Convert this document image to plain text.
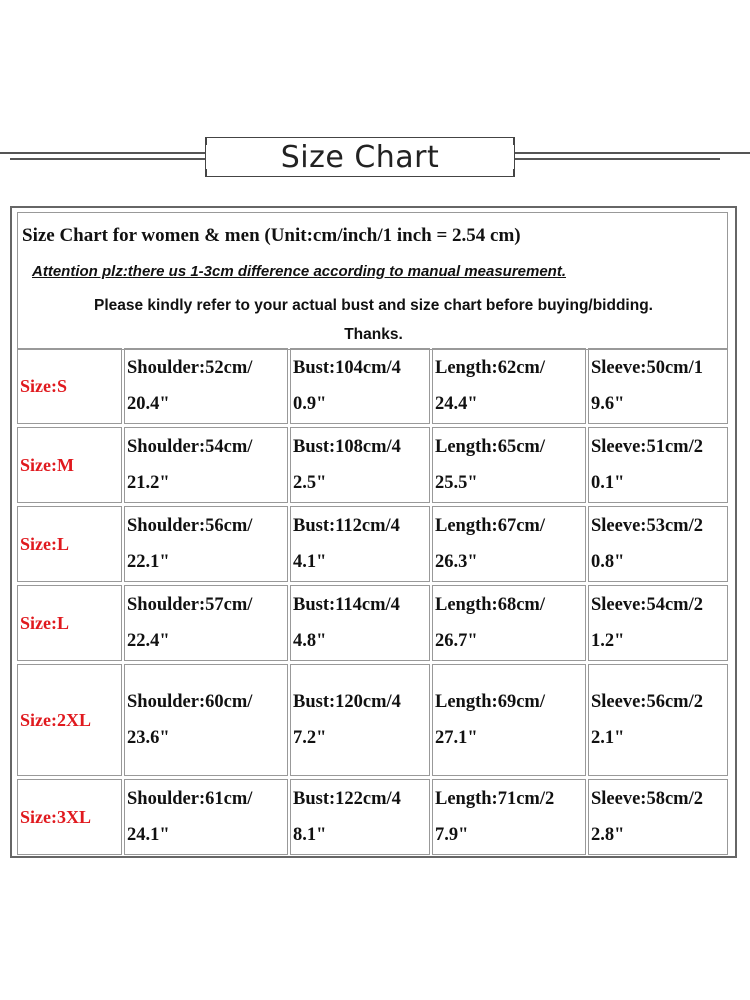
Size Chart
Size Chart for women & men (Unit:cm/inch/1 inch = 2.54 cm)
Attention plz:there us 1-3cm difference according to manual measurement.
Please kindly refer to your actual bust and size chart before buying/bidding.
Thanks.
Size:S
Shoulder:52cm/
20.4"
Bust:104cm/4
0.9"
Length:62cm/
24.4"
Sleeve:50cm/1
9.6"
Size:M
Shoulder:54cm/
21.2"
Bust:108cm/4
2.5"
Length:65cm/
25.5"
Sleeve:51cm/2
0.1"
Size:L
Shoulder:56cm/
22.1"
Bust:112cm/4
4.1"
Length:67cm/
26.3"
Sleeve:53cm/2
0.8"
Size:L
Shoulder:57cm/
22.4"
Bust:114cm/4
4.8"
Length:68cm/
26.7"
Sleeve:54cm/2
1.2"
Size:2XL
Shoulder:60cm/
23.6"
Bust:120cm/4
7.2"
Length:69cm/
27.1"
Sleeve:56cm/2
2.1"
Size:3XL
Shoulder:61cm/
24.1"
Bust:122cm/4
8.1"
Length:71cm/2
7.9"
Sleeve:58cm/2
2.8"
